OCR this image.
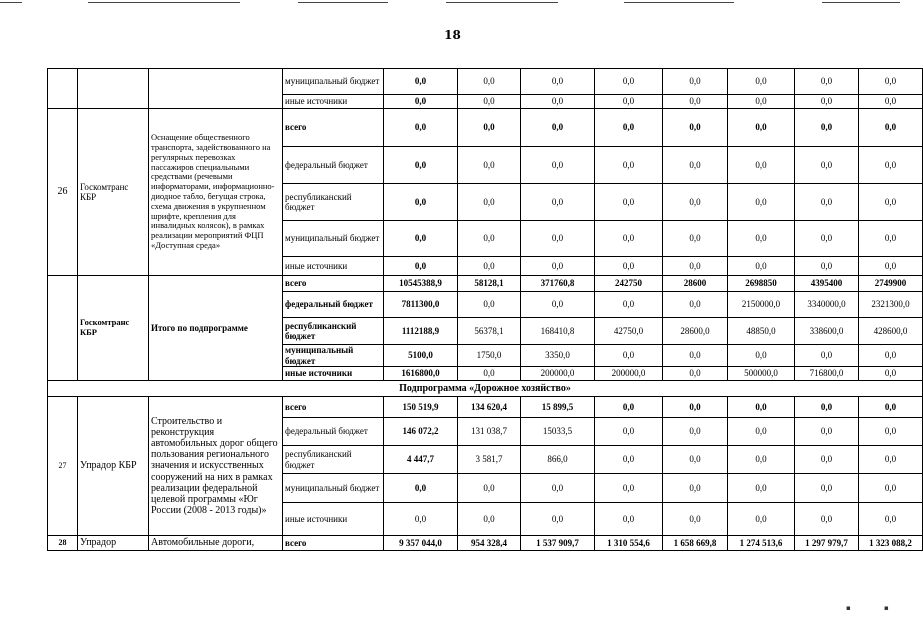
18
			муниципальный бюджет	0,0	0,0	0,0	0,0	0,0	0,0	0,0	0,0
			иные источники	0,0	0,0	0,0	0,0	0,0	0,0	0,0	0,0
26	Госкомтранс КБР	Оснащение общественного транспорта, задействованного на регулярных перевозках пассажиров специальными средствами (речевыми информаторами, информационно-диодное табло, бегущая строка, схема движения в укрупненном шрифте, крепления для инвалидных колясок), в рамках реализации мероприятий ФЦП «Доступная среда»	всего	0,0	0,0	0,0	0,0	0,0	0,0	0,0	0,0
			федеральный бюджет	0,0	0,0	0,0	0,0	0,0	0,0	0,0	0,0
			республиканский бюджет	0,0	0,0	0,0	0,0	0,0	0,0	0,0	0,0
			муниципальный бюджет	0,0	0,0	0,0	0,0	0,0	0,0	0,0	0,0
			иные источники	0,0	0,0	0,0	0,0	0,0	0,0	0,0	0,0
	Госкомтранс КБР	Итого по подпрограмме	всего	10545388,9	58128,1	371760,8	242750	28600	2698850	4395400	2749900
			федеральный бюджет	7811300,0	0,0	0,0	0,0	0,0	2150000,0	3340000,0	2321300,0
			республиканский бюджет	1112188,9	56378,1	168410,8	42750,0	28600,0	48850,0	338600,0	428600,0
			муниципальный бюджет	5100,0	1750,0	3350,0	0,0	0,0	0,0	0,0	0,0
			иные источники	1616800,0	0,0	200000,0	200000,0	0,0	500000,0	716800,0	0,0
Подпрограмма «Дорожное хозяйство»											
27	Упрадор КБР	Строительство и реконструкция автомобильных дорог общего пользования регионального значения и искусственных сооружений на них в рамках реализации федеральной целевой программы «Юг России (2008 - 2013 годы)»	всего	150 519,9	134 620,4	15 899,5	0,0	0,0	0,0	0,0	0,0
			федеральный бюджет	146 072,2	131 038,7	15033,5	0,0	0,0	0,0	0,0	0,0
			республиканский бюджет	4 447,7	3 581,7	866,0	0,0	0,0	0,0	0,0	0,0
			муниципальный бюджет	0,0	0,0	0,0	0,0	0,0	0,0	0,0	0,0
			иные источники	0,0	0,0	0,0	0,0	0,0	0,0	0,0	0,0
28	Упрадор	Автомобильные дороги,	всего	9 357 044,0	954 328,4	1 537 909,7	1 310 554,6	1 658 669,8	1 274 513,6	1 297 979,7	1 323 088,2
▪	▪
